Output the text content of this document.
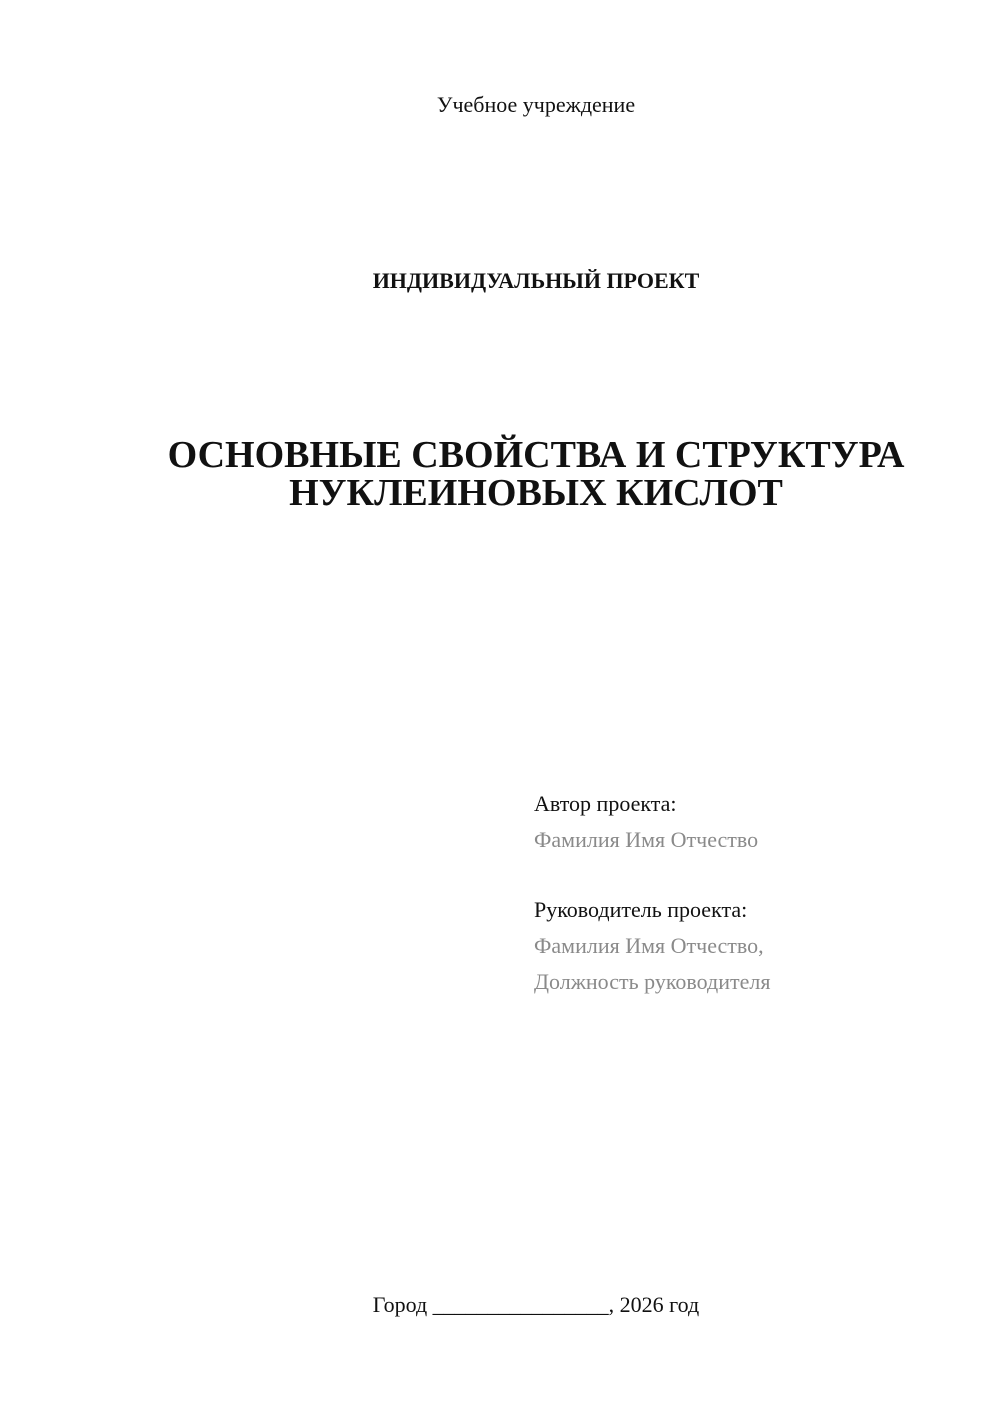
Учебное учреждение
ИНДИВИДУАЛЬНЫЙ ПРОЕКТ
ОСНОВНЫЕ СВОЙСТВА И СТРУКТУРА
НУКЛЕИНОВЫХ КИСЛОТ
Автор проекта:
Фамилия Имя Отчество
Руководитель проекта:
Фамилия Имя Отчество,
Должность руководителя
Город ________________, 2026 год
